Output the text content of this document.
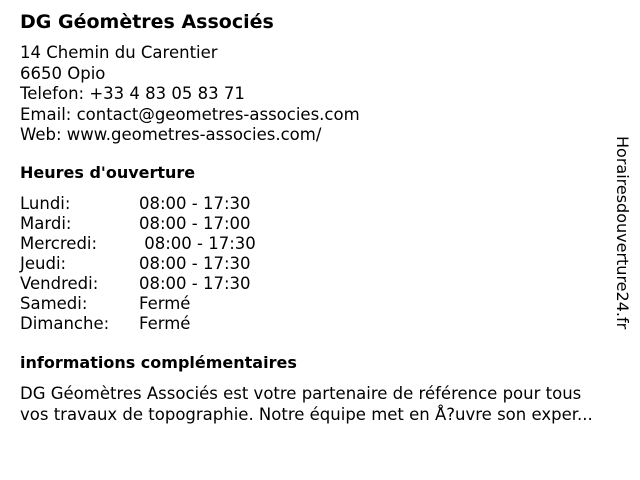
DG Géomètres Associés
14 Chemin du Carentier
6650 Opio
Telefon: +33 4 83 05 83 71
Email: contact@geometres-associes.com
Web: www.geometres-associes.com/
Heures d'ouverture
Lundi:	08:00 - 17:30
Mardi:	08:00 - 17:00
Mercredi:	08:00 - 17:30
Jeudi:	08:00 - 17:30
Vendredi: 08:00 - 17:30
Samedi:	Fermé
Dimanche: Fermé
informations complémentaires
DG Géomètres Associés est votre partenaire de référence pour tous
vos travaux de topographie. Notre équipe met en Å?uvre son exper...
Horairesdouverture24.fr
